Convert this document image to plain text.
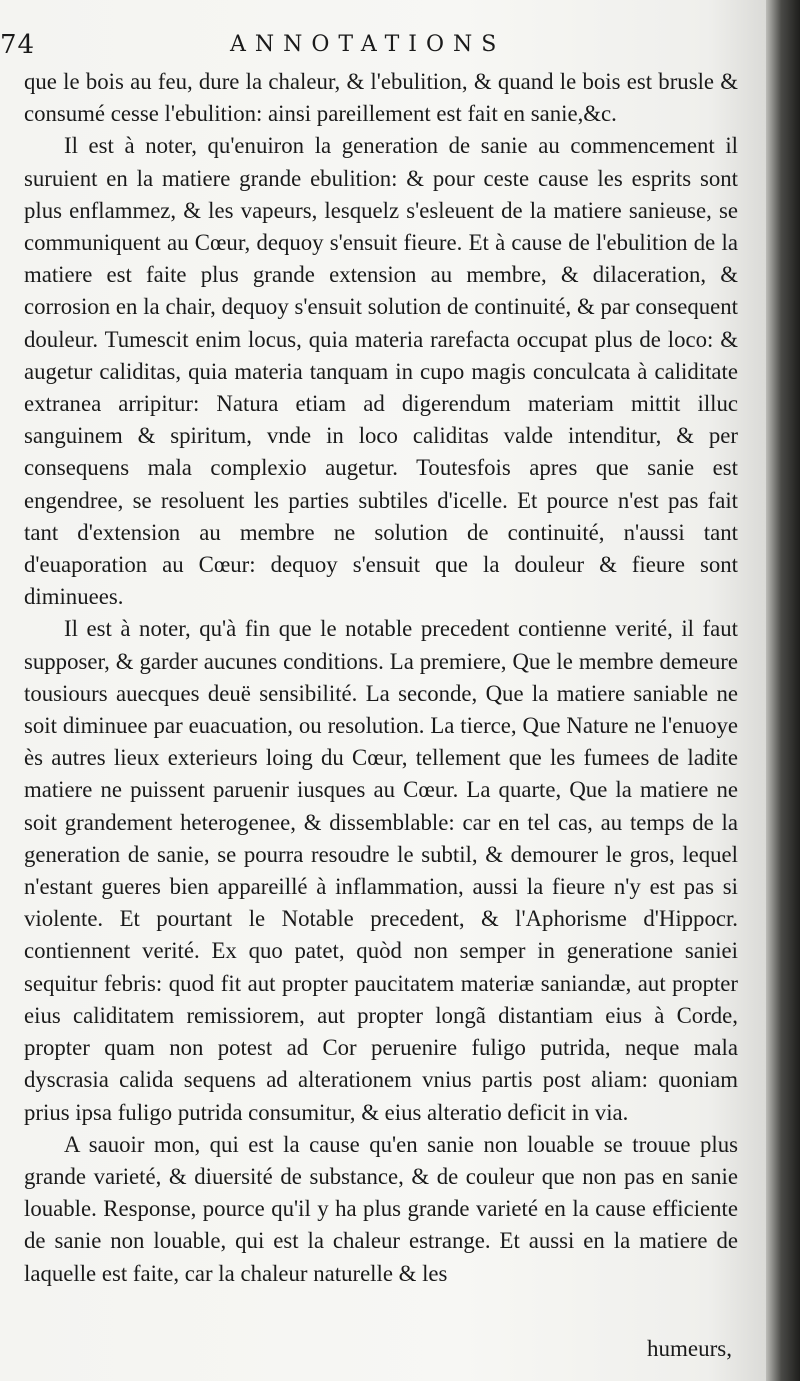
74	ANNOTATIONS

que le bois au feu, dure la chaleur, & l'ebulition, & quand le bois est brusle & consumé cesse l'ebulition: ainsi pareillement est fait en sanie,&c.

Il est à noter, qu'enuiron la generation de sanie au commencement il suruient en la matiere grande ebulition: & pour ceste cause les esprits sont plus enflammez, & les vapeurs, lesquelz s'esleuent de la matiere sanieuse, se communiquent au Cœur, dequoy s'ensuit fieure. Et à cause de l'ebulition de la matiere est faite plus grande extension au membre, & dilaceration, & corrosion en la chair, dequoy s'ensuit solution de continuité, & par consequent douleur. Tumescit enim locus, quia materia rarefacta occupat plus de loco: & augetur caliditas, quia materia tanquam in cupo magis conculcata à caliditate extranea arripitur: Natura etiam ad digerendum materiam mittit illuc sanguinem & spiritum, vnde in loco caliditas valde intenditur, & per consequens mala complexio augetur. Toutesfois apres que sanie est engendree, se resoluent les parties subtiles d'icelle. Et pource n'est pas fait tant d'extension au membre ne solution de continuité, n'aussi tant d'euaporation au Cœur: dequoy s'ensuit que la douleur & fieure sont diminuees.

Il est à noter, qu'à fin que le notable precedent contienne verité, il faut supposer, & garder aucunes conditions. La premiere, Que le membre demeure tousiours auecques deuë sensibilité. La seconde, Que la matiere saniable ne soit diminuee par euacuation, ou resolution. La tierce, Que Nature ne l'enuoye ès autres lieux exterieurs loing du Cœur, tellement que les fumees de ladite matiere ne puissent paruenir iusques au Cœur. La quarte, Que la matiere ne soit grandement heterogenee, & dissemblable: car en tel cas, au temps de la generation de sanie, se pourra resoudre le subtil, & demourer le gros, lequel n'estant gueres bien appareillé à inflammation, aussi la fieure n'y est pas si violente. Et pourtant le Notable precedent, & l'Aphorisme d'Hippocr. contiennent verité. Ex quo patet, quòd non semper in generatione saniei sequitur febris: quod fit aut propter paucitatem materiæ saniandæ, aut propter eius caliditatem remissiorem, aut propter longã distantiam eius à Corde, propter quam non potest ad Cor peruenire fuligo putrida, neque mala dyscrasia calida sequens ad alterationem vnius partis post aliam: quoniam prius ipsa fuligo putrida consumitur, & eius alteratio deficit in via.

A sauoir mon, qui est la cause qu'en sanie non louable se trouue plus grande varieté, & diuersité de substance, & de couleur que non pas en sanie louable. Response, pource qu'il y ha plus grande varieté en la cause efficiente de sanie non louable, qui est la chaleur estrange. Et aussi en la matiere de laquelle est faite, car la chaleur naturelle & les

humeurs,
